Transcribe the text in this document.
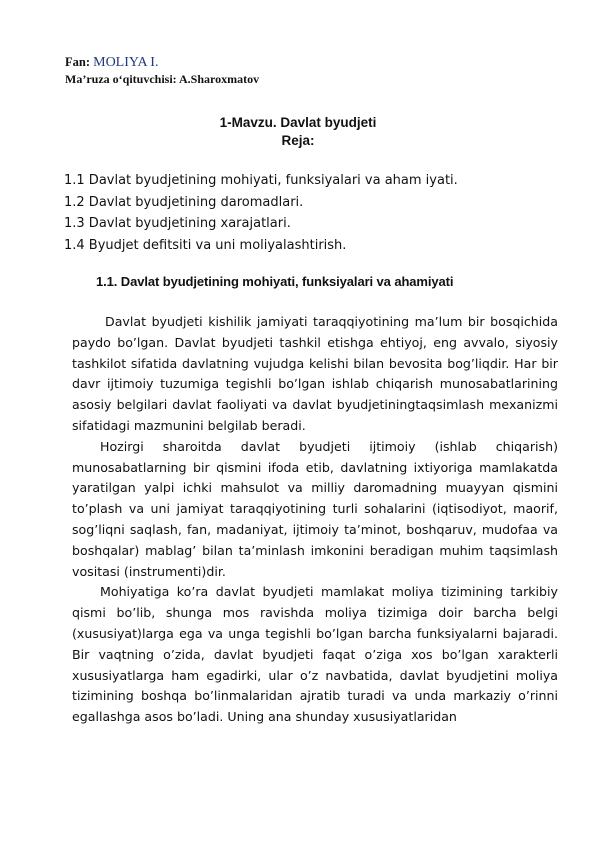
Fan: MOLIYA I.
Ma’ruza o‘qituvchisi: A.Sharoxmatov
1-Mavzu. Davlat byudjeti
Reja:
1.1 Davlat byudjetining mohiyati, funksiyalari va aham iyati.
1.2 Davlat byudjetining daromadlari.
1.3 Davlat byudjetining xarajatlari.
1.4 Byudjet defitsiti va uni moliyalashtirish.
1.1. Davlat byudjetining mohiyati, funksiyalari va ahamiyati

Davlat byudjeti kishilik jamiyati taraqqiyotining ma’lum bir bosqichida paydo bo’lgan. Davlat byudjeti tashkil etishga ehtiyoj, eng avvalo, siyosiy tashkilot sifatida davlatning vujudga kelishi bilan bevosita bog’liqdir. Har bir davr ijtimoiy tuzumiga tegishli bo’lgan ishlab chiqarish munosabatlarining asosiy belgilari davlat faoliyati va davlat byudjetiningtaqsimlash mexanizmi sifatidagi mazmunini belgilab beradi.

Hozirgi sharoitda davlat byudjeti ijtimoiy (ishlab chiqarish) munosabatlarning bir qismini ifoda etib, davlatning ixtiyoriga mamlakatda yaratilgan yalpi ichki mahsulot va milliy daromadning muayyan qismini to’plash va uni jamiyat taraqqiyotining turli sohalarini (iqtisodiyot, maorif, sog’liqni saqlash, fan, madaniyat, ijtimoiy ta’minot, boshqaruv, mudofaa va boshqalar) mablag’ bilan ta’minlash imkonini beradigan muhim taqsimlash vositasi (instrumenti)dir.

Mohiyatiga ko’ra davlat byudjeti mamlakat moliya tizimining tarkibiy qismi bo’lib, shunga mos ravishda moliya tizimiga doir barcha belgi (xususiyat)larga ega va unga tegishli bo’lgan barcha funksiyalarni bajaradi. Bir vaqtning o’zida, davlat byudjeti faqat o’ziga xos bo’lgan xarakterli xususiyatlarga ham egadirki, ular o’z navbatida, davlat byudjetini moliya tizimining boshqa bo’linmalaridan ajratib turadi va unda markaziy o’rinni egallashga asos bo’ladi. Uning ana shunday xususiyatlaridan
